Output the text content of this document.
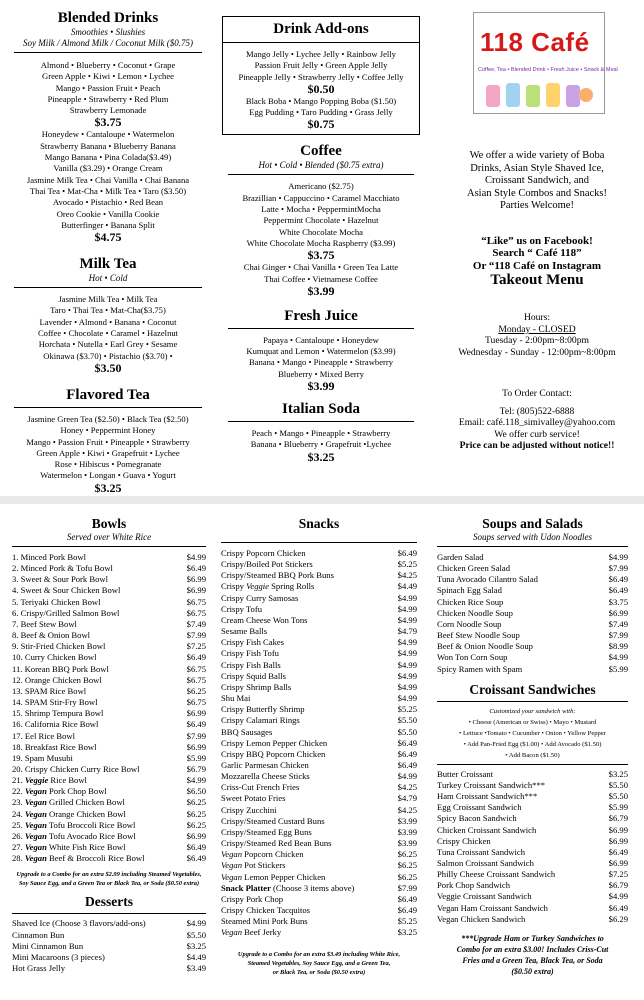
Blended Drinks
Smoothies • Slushies
Soy Milk / Almond Milk / Coconut Milk ($0.75)
Almond • Blueberry • Coconut • Grape
Green Apple • Kiwi • Lemon • Lychee
Mango • Passion Fruit • Peach
Pineapple • Strawberry • Red Plum
Strawberry Lemonade
$3.75
Honeydew • Cantaloupe • Watermelon
Strawberry Banana • Blueberry Banana
Mango Banana • Pina Colada($3.49)
Vanilla ($3.29) • Orange Cream
Jasmine Milk Tea • Chai Vanilla • Chai Banana
Thai Tea • Mat-Cha • Milk Tea • Taro ($3.50)
Avocado • Pistachio • Red Bean
Oreo Cookie • Vanilla Cookie
Butterfinger • Banana Split
$4.75
Milk Tea
Hot • Cold
Jasmine Milk Tea • Milk Tea
Taro • Thai Tea • Mat-Cha($3.75)
Lavender • Almond • Banana • Coconut
Coffee • Chocolate • Caramel • Hazelnut
Horchata • Nutella • Earl Grey • Sesame
Okinawa ($3.70) • Pistachio ($3.70) •
$3.50
Flavored Tea
Jasmine Green Tea ($2.50) • Black Tea ($2.50)
Honey • Peppermint Honey
Mango • Passion Fruit • Pineapple • Strawberry
Green Apple • Kiwi • Grapefruit • Lychee
Rose • Hibiscus • Pomegranate
Watermelon • Longan • Guava • Yogurt
$3.25
Drink Add-ons
Mango Jelly • Lychee Jelly • Rainbow Jelly
Passion Fruit Jelly • Green Apple Jelly
Pineapple Jelly • Strawberry Jelly • Coffee Jelly
$0.50
Black Boba • Mango Popping Boba ($1.50)
Egg Pudding • Taro Pudding • Grass Jelly
$0.75
Coffee
Hot • Cold • Blended ($0.75 extra)
Americano ($2.75)
Brazillian • Cappuccino • Caramel Macchiato
Latte • Mocha • PeppermintMocha
Peppermint Chocolate • Hazelnut
White Chocolate Mocha
White Chocolate Mocha Raspberry ($3.99)
$3.75
Chai Ginger • Chai Vanilla • Green Tea Latte
Thai Coffee • Vietnamese Coffee
$3.99
Fresh Juice
Papaya • Cantaloupe • Honeydew
Kumquat and Lemon • Watermelon ($3.99)
Banana • Mango • Pineapple • Strawberry
Blueberry • Mixed Berry
$3.99
Italian Soda
Peach • Mango • Pineapple • Strawberry
Banana • Blueberry • Grapefruit •Lychee
$3.25
118 Café
Coffee, Tea • Blended Drink • Fresh Juice • Snack & Meal
We offer a wide variety of Boba
Drinks, Asian Style Shaved Ice,
Croissant Sandwich, and
Asian Style Combos and Snacks!
Parties Welcome!
“Like” us on Facebook!
Search “ Café 118”
Or “118 Café on Instagram
Takeout Menu
Hours:
Monday - CLOSED
Tuesday - 2:00pm~8:00pm
Wednesday - Sunday - 12:00pm~8:00pm
To Order Contact:
Tel: (805)522-6888
Email: café.118_simivalley@yahoo.com
We offer curb service!
Price can be adjusted without notice!!
Bowls
Served over White Rice
1. Minced Pork Bowl	$4.99
2. Minced Pork & Tofu Bowl	$6.49
3. Sweet & Sour Pork Bowl	$6.99
4. Sweet & Sour Chicken Bowl	$6.99
5. Teriyaki Chicken Bowl	$6.75
6. Crispy/Grilled Salmon Bowl	$6.75
7. Beef Stew Bowl	$7.49
8. Beef & Onion Bowl	$7.99
9. Stir-Fried Chicken Bowl	$7.25
10. Curry Chicken Bowl	$6.49
11. Korean BBQ Pork Bowl	$6.75
12. Orange Chicken Bowl	$6.75
13. SPAM Rice Bowl	$6.25
14. SPAM Stir-Fry Bowl	$6.75
15. Shrimp Tempura Bowl	$6.99
16. California Rice Bowl	$6.49
17. Eel Rice Bowl	$7.99
18. Breakfast Rice Bowl	$6.99
19. Spam Musubi	$5.99
20. Crispy Chicken Curry Rice Bowl	$6.79
21. Veggie Rice Bowl	$4.99
22. Vegan Pork Chop Bowl	$6.50
23. Vegan Grilled Chicken Bowl	$6.25
24. Vegan Orange Chicken Bowl	$6.25
25. Vegan Tofu Broccoli Rice Bowl	$6.25
26. Vegan Tofu Avocado Rice Bowl	$6.99
27. Vegan White Fish Rice Bowl	$6.49
28. Vegan Beef & Broccoli Rice Bowl	$6.49
Upgrade to a Combo for an extra $2.99 including Steamed Vegetables,
Soy Sauce Egg, and a Green Tea or Black Tea, or Soda ($0.50 extra)
Desserts
Shaved Ice (Choose 3 flavors/add-ons)	$4.99
Cinnamon Bun	$5.50
Mini Cinnamon Bun	$3.25
Mini Macaroons (3 pieces)	$4.49
Hot Grass Jelly	$3.49
Snacks
Crispy Popcorn Chicken	$6.49
Crispy/Boiled Pot Stickers	$5.25
Crispy/Steamed BBQ Pork Buns	$4.25
Crispy Veggie Spring Rolls	$4.49
Crispy Curry Samosas	$4.99
Crispy Tofu	$4.99
Cream Cheese Won Tons	$4.99
Sesame Balls	$4.79
Crispy Fish Cakes	$4.99
Crispy Fish Tofu	$4.99
Crispy Fish Balls	$4.99
Crispy Squid Balls	$4.99
Crispy Shrimp Balls	$4.99
Shu Mai	$4.99
Crispy Butterfly Shrimp	$5.25
Crispy Calamari Rings	$5.50
BBQ Sausages	$5.50
Crispy Lemon Pepper Chicken	$6.49
Crispy BBQ Popcorn Chicken	$6.49
Garlic Parmesan Chicken	$6.49
Mozzarella Cheese Sticks	$4.99
Criss-Cut French Fries	$4.25
Sweet Potato Fries	$4.79
Crispy Zucchini	$4.25
Crispy/Steamed Custard Buns	$3.99
Crispy/Steamed Egg Buns	$3.99
Crispy/Steamed Red Bean Buns	$3.99
Vegan Popcorn Chicken	$6.25
Vegan Pot Stickers	$6.25
Vegan Lemon Pepper Chicken	$6.25
Snack Platter (Choose 3 items above)	$7.99
Crispy Pork Chop	$6.49
Crispy Chicken Tacquitos	$6.49
Steamed Mini Pork Buns	$5.25
Vegan Beef Jerky	$3.25
Upgrade to a Combo for an extra $3.49 including White Rice,
Steamed Vegetables, Soy Sauce Egg, and a Green Tea,
or Black Tea, or Soda ($0.50 extra)
Soups and Salads
Soups served with Udon Noodles
Garden Salad	$4.99
Chicken Green Salad	$7.99
Tuna Avocado Cilantro Salad	$6.49
Spinach Egg Salad	$6.49
Chicken Rice Soup	$3.75
Chicken Noodle Soup	$6.99
Corn Noodle Soup	$7.49
Beef Stew Noodle Soup	$7.99
Beef & Onion Noodle Soup	$8.99
Won Ton Corn Soup	$4.99
Spicy Ramen with Spam	$5.99
Croissant Sandwiches
Customized your sandwich with:
• Cheese (American or Swiss) • Mayo • Mustard
• Lettuce •Tomato • Cucumber • Onion • Yellow Pepper
• Add Pan-Fried Egg ($1.00) • Add Avocado ($1.50)
• Add Bacon ($1.50)
Butter Croissant	$3.25
Turkey Croissant Sandwich***	$5.50
Ham Croissant Sandwich***	$5.50
Egg Croissant Sandwich	$5.99
Spicy Bacon Sandwich	$6.79
Chicken Croissant Sandwich	$6.99
Crispy Chicken	$6.99
Tuna Croissant Sandwich	$6.49
Salmon Croissant Sandwich	$6.99
Philly Cheese Croissant Sandwich	$7.25
Pork Chop Sandwich	$6.79
Veggie Croissant Sandwich	$4.99
Vegan Ham Croissant Sandwich	$6.49
Vegan Chicken Sandwich	$6.29
***Upgrade Ham or Turkey Sandwiches to
Combo for an extra $3.00! Includes Criss-Cut
Fries and a Green Tea, Black Tea, or Soda
($0.50 extra)
